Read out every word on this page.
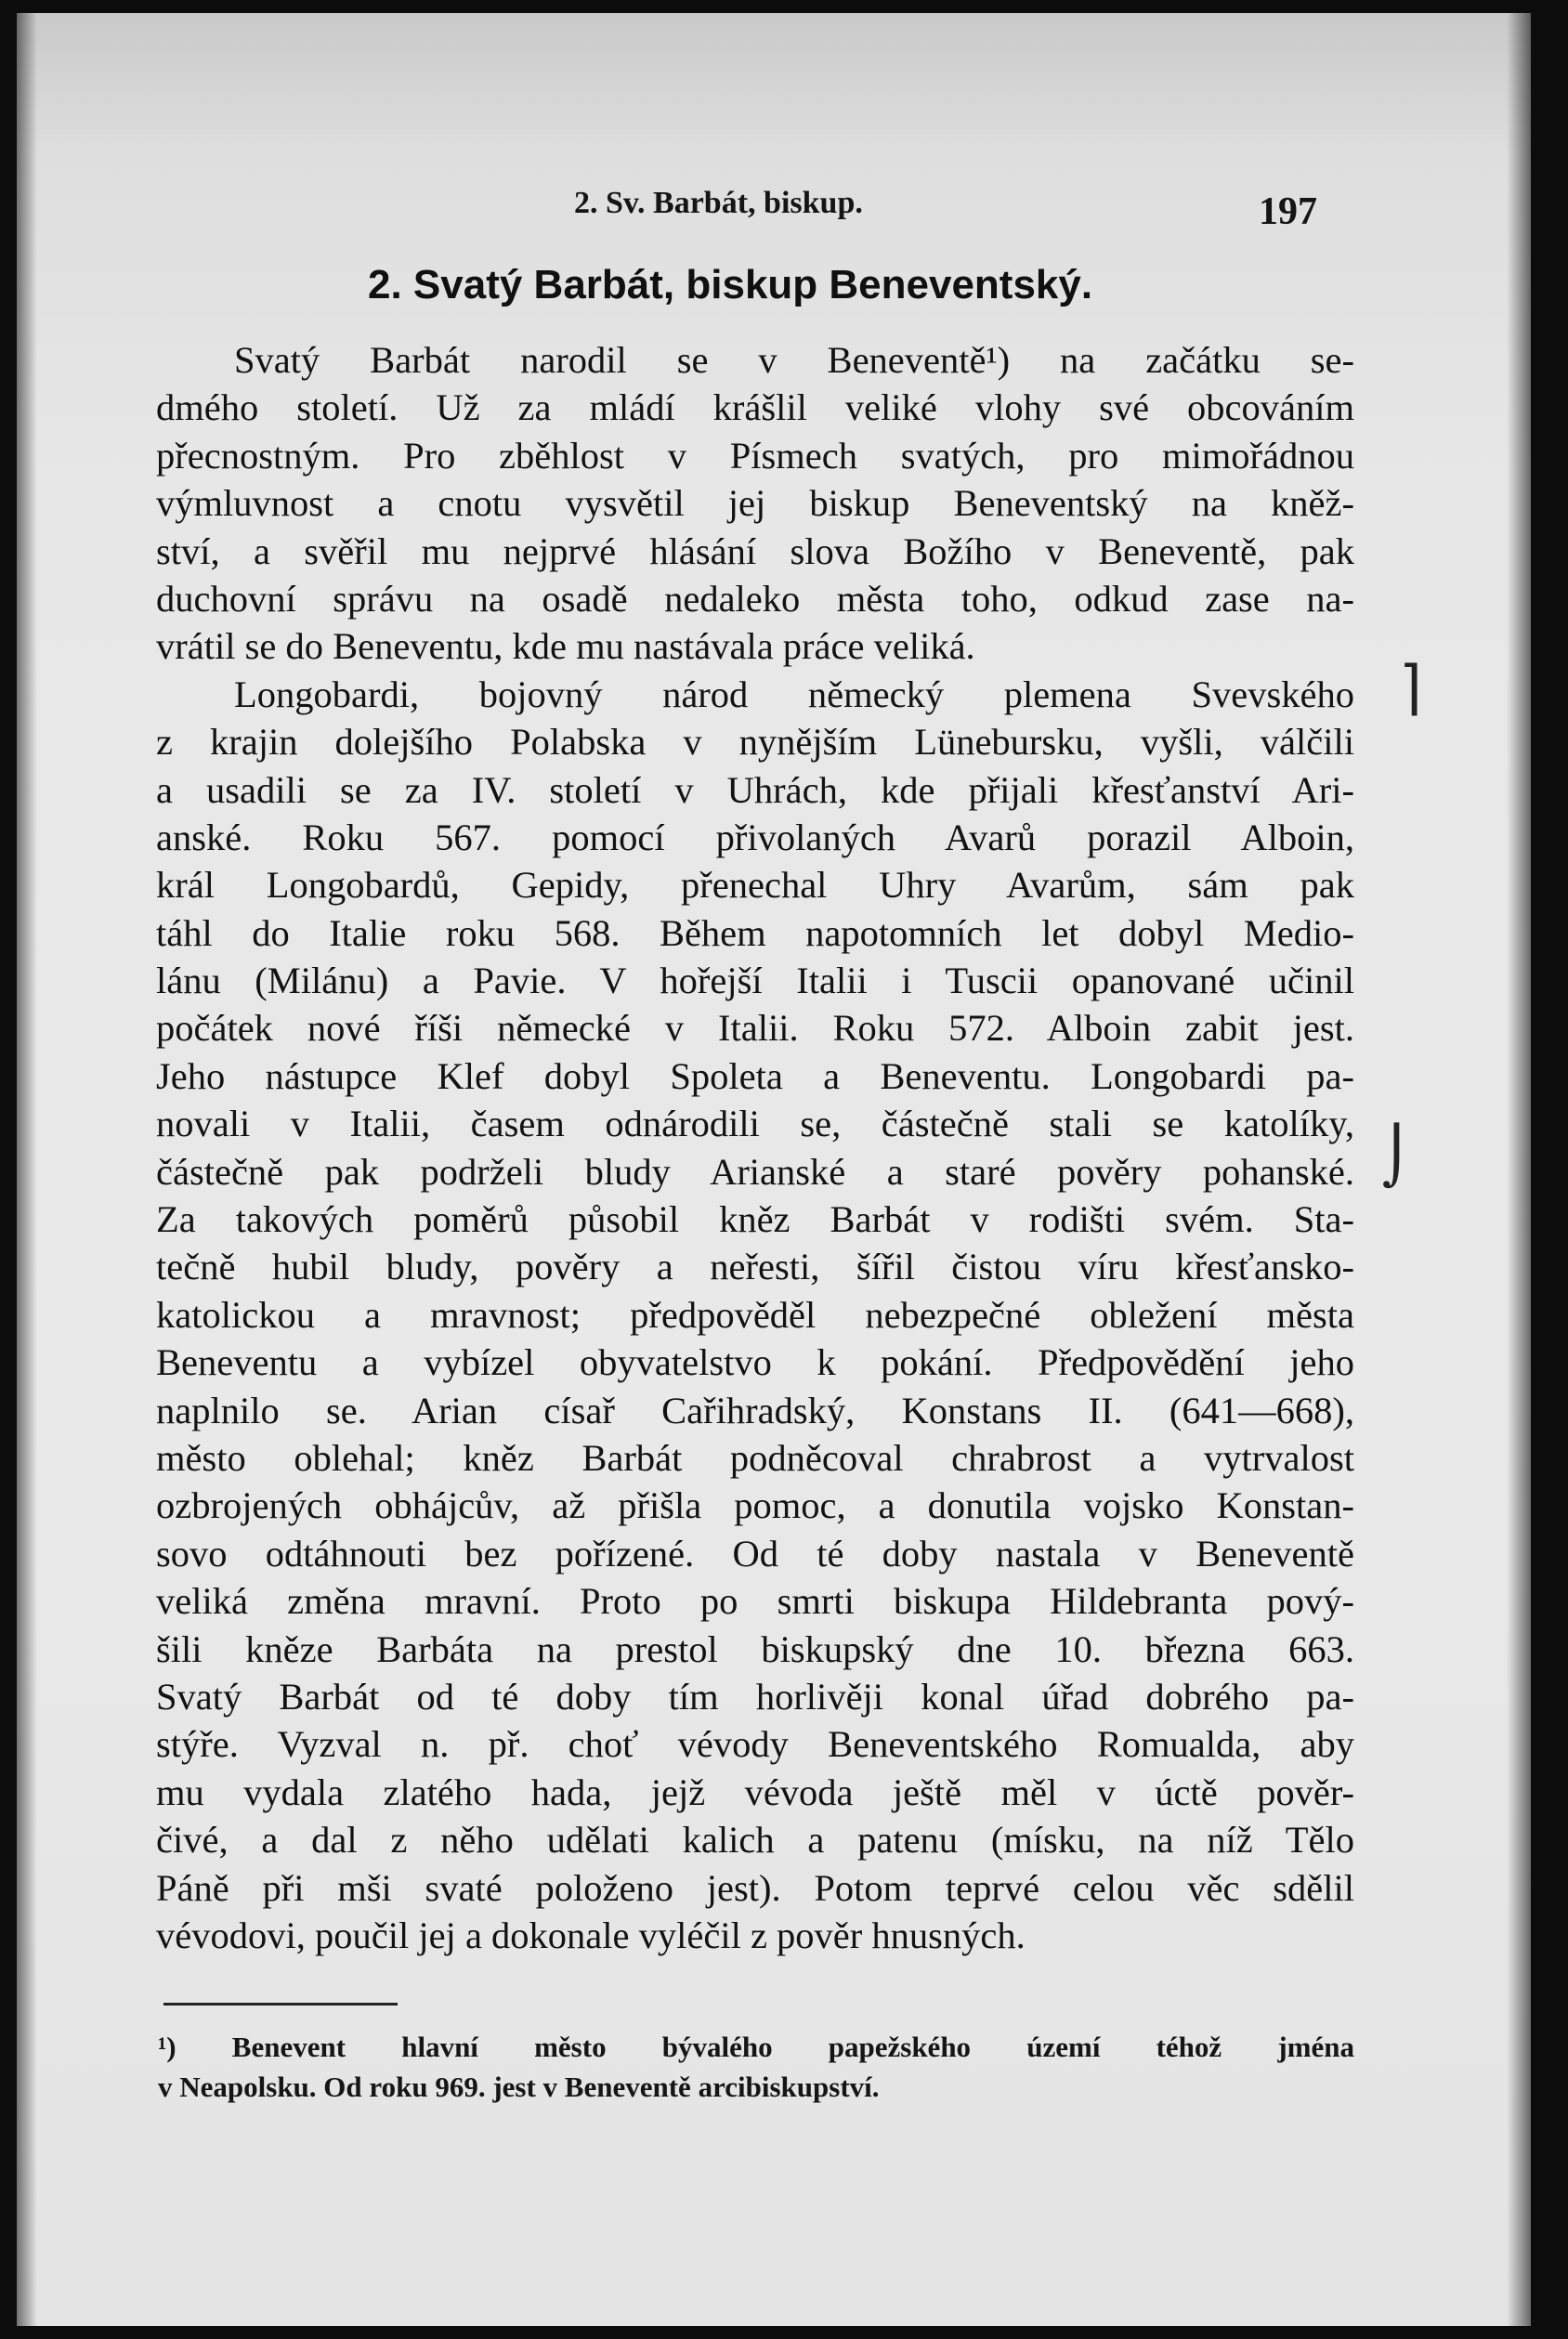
2. Sv. Barbát, biskup.	197
2. Svatý Barbát, biskup Beneventský.
Svatý Barbát narodil se v Beneventě¹) na začátku se-
dmého století. Už za mládí krášlil veliké vlohy své obcováním
přecnostným. Pro zběhlost v Písmech svatých, pro mimořádnou
výmluvnost a cnotu vysvětil jej biskup Beneventský na kněž-
ství, a svěřil mu nejprvé hlásání slova Božího v Beneventě, pak
duchovní správu na osadě nedaleko města toho, odkud zase na-
vrátil se do Beneventu, kde mu nastávala práce veliká.
Longobardi, bojovný národ německý plemena Svevského
z krajin dolejšího Polabska v nynějším Lünebursku, vyšli, válčili
a usadili se za IV. století v Uhrách, kde přijali křesťanství Ari-
anské. Roku 567. pomocí přivolaných Avarů porazil Alboin,
král Longobardů, Gepidy, přenechal Uhry Avarům, sám pak
táhl do Italie roku 568. Během napotomních let dobyl Medio-
lánu (Milánu) a Pavie. V hořejší Italii i Tuscii opanované učinil
počátek nové říši německé v Italii. Roku 572. Alboin zabit jest.
Jeho nástupce Klef dobyl Spoleta a Beneventu. Longobardi pa-
novali v Italii, časem odnárodili se, částečně stali se katolíky,
částečně pak podrželi bludy Arianské a staré pověry pohanské.
Za takových poměrů působil kněz Barbát v rodišti svém. Sta-
tečně hubil bludy, pověry a neřesti, šířil čistou víru křesťansko-
katolickou a mravnost; předpověděl nebezpečné obležení města
Beneventu a vybízel obyvatelstvo k pokání. Předpovědění jeho
naplnilo se. Arian císař Cařihradský, Konstans II. (641—668),
město oblehal; kněz Barbát podněcoval chrabrost a vytrvalost
ozbrojených obhájcův, až přišla pomoc, a donutila vojsko Konstan-
sovo odtáhnouti bez pořízené. Od té doby nastala v Beneventě
veliká změna mravní. Proto po smrti biskupa Hildebranta pový-
šili kněze Barbáta na prestol biskupský dne 10. března 663.
Svatý Barbát od té doby tím horlivěji konal úřad dobrého pa-
stýře. Vyzval n. př. choť vévody Beneventského Romualda, aby
mu vydala zlatého hada, jejž vévoda ještě měl v úctě pověr-
čivé, a dal z něho udělati kalich a patenu (mísku, na níž Tělo
Páně při mši svaté položeno jest). Potom teprvé celou věc sdělil
vévodovi, poučil jej a dokonale vyléčil z pověr hnusných.
¹) Benevent hlavní město bývalého papežského území téhož jména
v Neapolsku. Od roku 969. jest v Beneventě arcibiskupství.
⌉
⌡
